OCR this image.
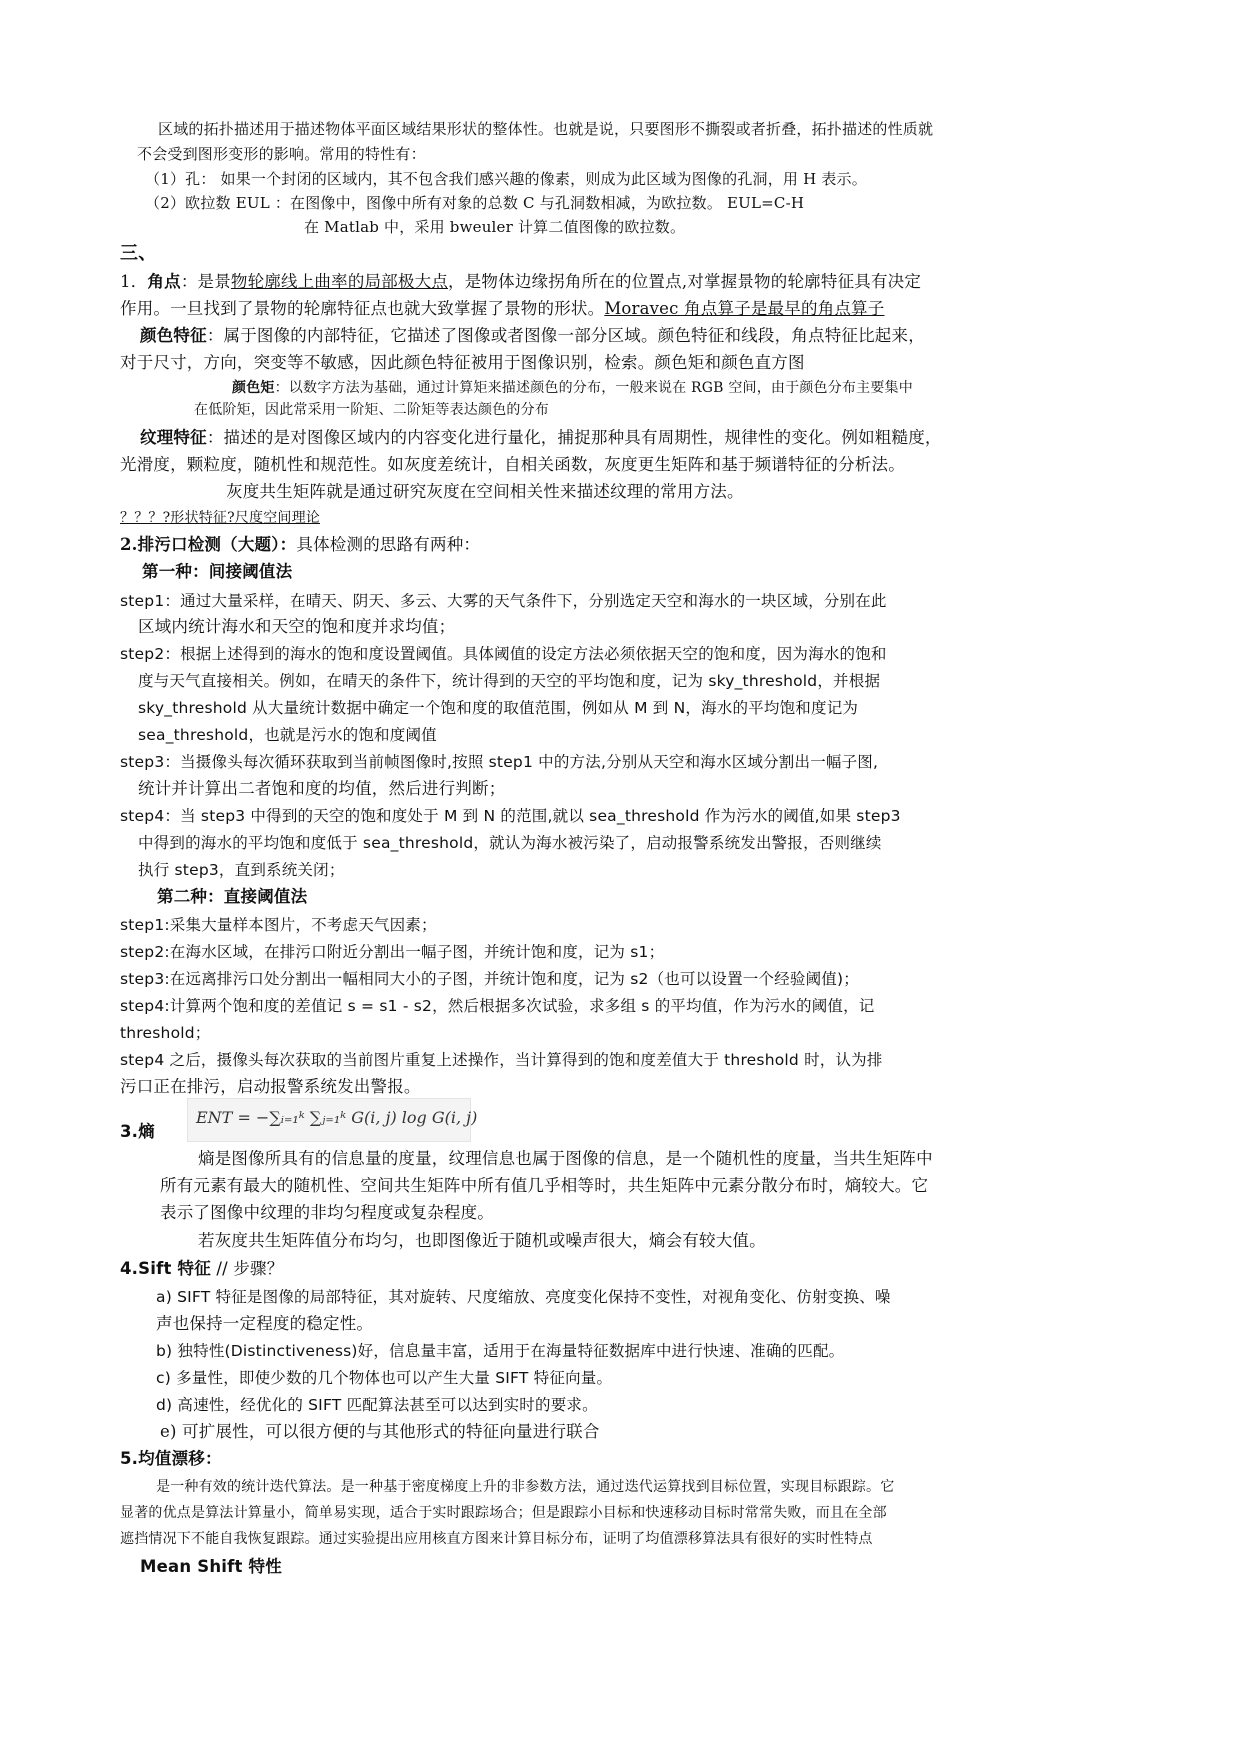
区域的拓扑描述用于描述物体平面区域结果形状的整体性。也就是说，只要图形不撕裂或者折叠，拓扑描述的性质就
不会受到图形变形的影响。常用的特性有：
（1）孔： 如果一个封闭的区域内，其不包含我们感兴趣的像素，则成为此区域为图像的孔洞，用 H 表示。
（2）欧拉数 EUL ：在图像中，图像中所有对象的总数 C 与孔洞数相减，为欧拉数。 EUL=C-H
在 Matlab 中，采用 bweuler 计算二值图像的欧拉数。
三、
1．角点：是景物轮廓线上曲率的局部极大点，是物体边缘拐角所在的位置点,对掌握景物的轮廓特征具有决定
作用。一旦找到了景物的轮廓特征点也就大致掌握了景物的形状。Moravec 角点算子是最早的角点算子
颜色特征：属于图像的内部特征，它描述了图像或者图像一部分区域。颜色特征和线段，角点特征比起来，
对于尺寸，方向，突变等不敏感，因此颜色特征被用于图像识别，检索。颜色矩和颜色直方图
颜色矩：以数字方法为基础，通过计算矩来描述颜色的分布，一般来说在 RGB 空间，由于颜色分布主要集中
在低阶矩，因此常采用一阶矩、二阶矩等表达颜色的分布
纹理特征：描述的是对图像区域内的内容变化进行量化，捕捉那种具有周期性，规律性的变化。例如粗糙度，
光滑度，颗粒度，随机性和规范性。如灰度差统计，自相关函数，灰度更生矩阵和基于频谱特征的分析法。
灰度共生矩阵就是通过研究灰度在空间相关性来描述纹理的常用方法。
？？？?形状特征?尺度空间理论
2.排污口检测（大题）：具体检测的思路有两种：
第一种：间接阈值法
step1：通过大量采样，在晴天、阴天、多云、大雾的天气条件下，分别选定天空和海水的一块区域，分别在此
区域内统计海水和天空的饱和度并求均值；
step2：根据上述得到的海水的饱和度设置阈值。具体阈值的设定方法必须依据天空的饱和度，因为海水的饱和
度与天气直接相关。例如，在晴天的条件下，统计得到的天空的平均饱和度，记为 sky_threshold，并根据
sky_threshold 从大量统计数据中确定一个饱和度的取值范围，例如从 M 到 N，海水的平均饱和度记为
sea_threshold，也就是污水的饱和度阈值
step3：当摄像头每次循环获取到当前帧图像时,按照 step1 中的方法,分别从天空和海水区域分割出一幅子图,
统计并计算出二者饱和度的均值，然后进行判断；
step4：当 step3 中得到的天空的饱和度处于 M 到 N 的范围,就以 sea_threshold 作为污水的阈值,如果 step3
中得到的海水的平均饱和度低于 sea_threshold，就认为海水被污染了，启动报警系统发出警报，否则继续
执行 step3，直到系统关闭；
第二种：直接阈值法
step1:采集大量样本图片，不考虑天气因素；
step2:在海水区域，在排污口附近分割出一幅子图，并统计饱和度，记为 s1；
step3:在远离排污口处分割出一幅相同大小的子图，并统计饱和度，记为 s2（也可以设置一个经验阈值)；
step4:计算两个饱和度的差值记 s = s1 - s2，然后根据多次试验，求多组 s 的平均值，作为污水的阈值，记
threshold；
step4 之后，摄像头每次获取的当前图片重复上述操作，当计算得到的饱和度差值大于 threshold 时，认为排
污口正在排污，启动报警系统发出警报。
ENT = −∑ᵢ₌₁ᵏ ∑ⱼ₌₁ᵏ G(i, j) log G(i, j)
3.熵
熵是图像所具有的信息量的度量，纹理信息也属于图像的信息，是一个随机性的度量，当共生矩阵中
所有元素有最大的随机性、空间共生矩阵中所有值几乎相等时，共生矩阵中元素分散分布时，熵较大。它
表示了图像中纹理的非均匀程度或复杂程度。
若灰度共生矩阵值分布均匀，也即图像近于随机或噪声很大，熵会有较大值。
4.Sift 特征 // 步骤？
a) SIFT 特征是图像的局部特征，其对旋转、尺度缩放、亮度变化保持不变性，对视角变化、仿射变换、噪
声也保持一定程度的稳定性。
b) 独特性(Distinctiveness)好，信息量丰富，适用于在海量特征数据库中进行快速、准确的匹配。
c) 多量性，即使少数的几个物体也可以产生大量 SIFT 特征向量。
d) 高速性，经优化的 SIFT 匹配算法甚至可以达到实时的要求。
e) 可扩展性，可以很方便的与其他形式的特征向量进行联合
5.均值漂移：
是一种有效的统计迭代算法。是一种基于密度梯度上升的非参数方法，通过迭代运算找到目标位置，实现目标跟踪。它
显著的优点是算法计算量小，简单易实现，适合于实时跟踪场合；但是跟踪小目标和快速移动目标时常常失败，而且在全部
遮挡情况下不能自我恢复跟踪。通过实验提出应用核直方图来计算目标分布，证明了均值漂移算法具有很好的实时性特点
Mean Shift 特性
